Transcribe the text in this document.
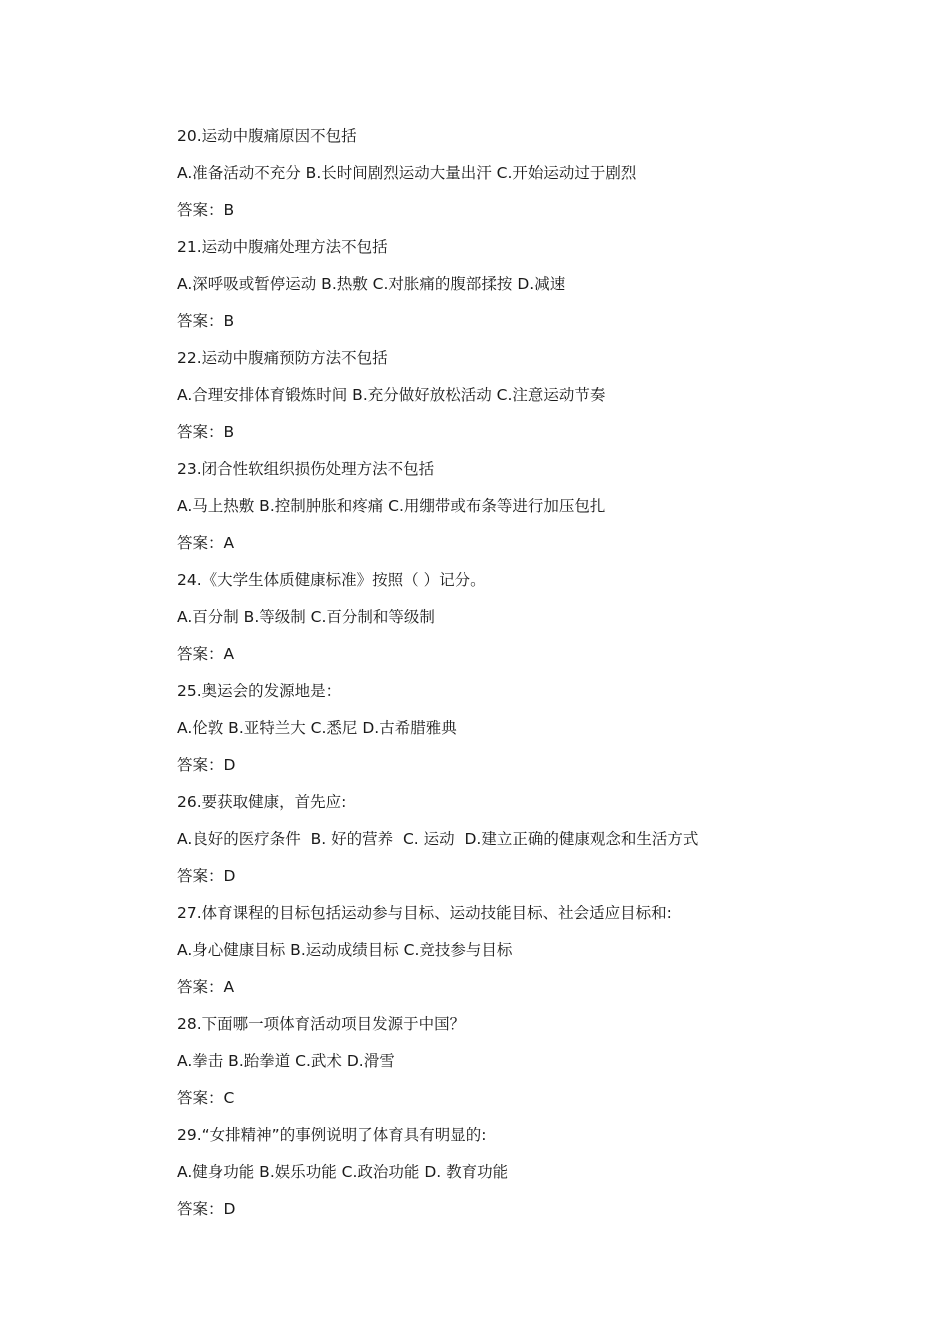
20.运动中腹痛原因不包括
A.准备活动不充分 B.长时间剧烈运动大量出汗 C.开始运动过于剧烈
答案：B
21.运动中腹痛处理方法不包括
A.深呼吸或暂停运动 B.热敷 C.对胀痛的腹部揉按 D.减速
答案：B
22.运动中腹痛预防方法不包括
A.合理安排体育锻炼时间 B.充分做好放松活动 C.注意运动节奏
答案：B
23.闭合性软组织损伤处理方法不包括
A.马上热敷 B.控制肿胀和疼痛 C.用绷带或布条等进行加压包扎
答案：A
24.《大学生体质健康标准》按照（ ）记分。
A.百分制 B.等级制 C.百分制和等级制
答案：A
25.奥运会的发源地是：
A.伦敦 B.亚特兰大 C.悉尼 D.古希腊雅典
答案：D
26.要获取健康，首先应:
A.良好的医疗条件  B. 好的营养  C. 运动  D.建立正确的健康观念和生活方式
答案：D
27.体育课程的目标包括运动参与目标、运动技能目标、社会适应目标和:
A.身心健康目标 B.运动成绩目标 C.竞技参与目标
答案：A
28.下面哪一项体育活动项目发源于中国？
A.拳击 B.跆拳道 C.武术 D.滑雪
答案：C
29.“女排精神”的事例说明了体育具有明显的:
A.健身功能 B.娱乐功能 C.政治功能 D. 教育功能
答案：D
